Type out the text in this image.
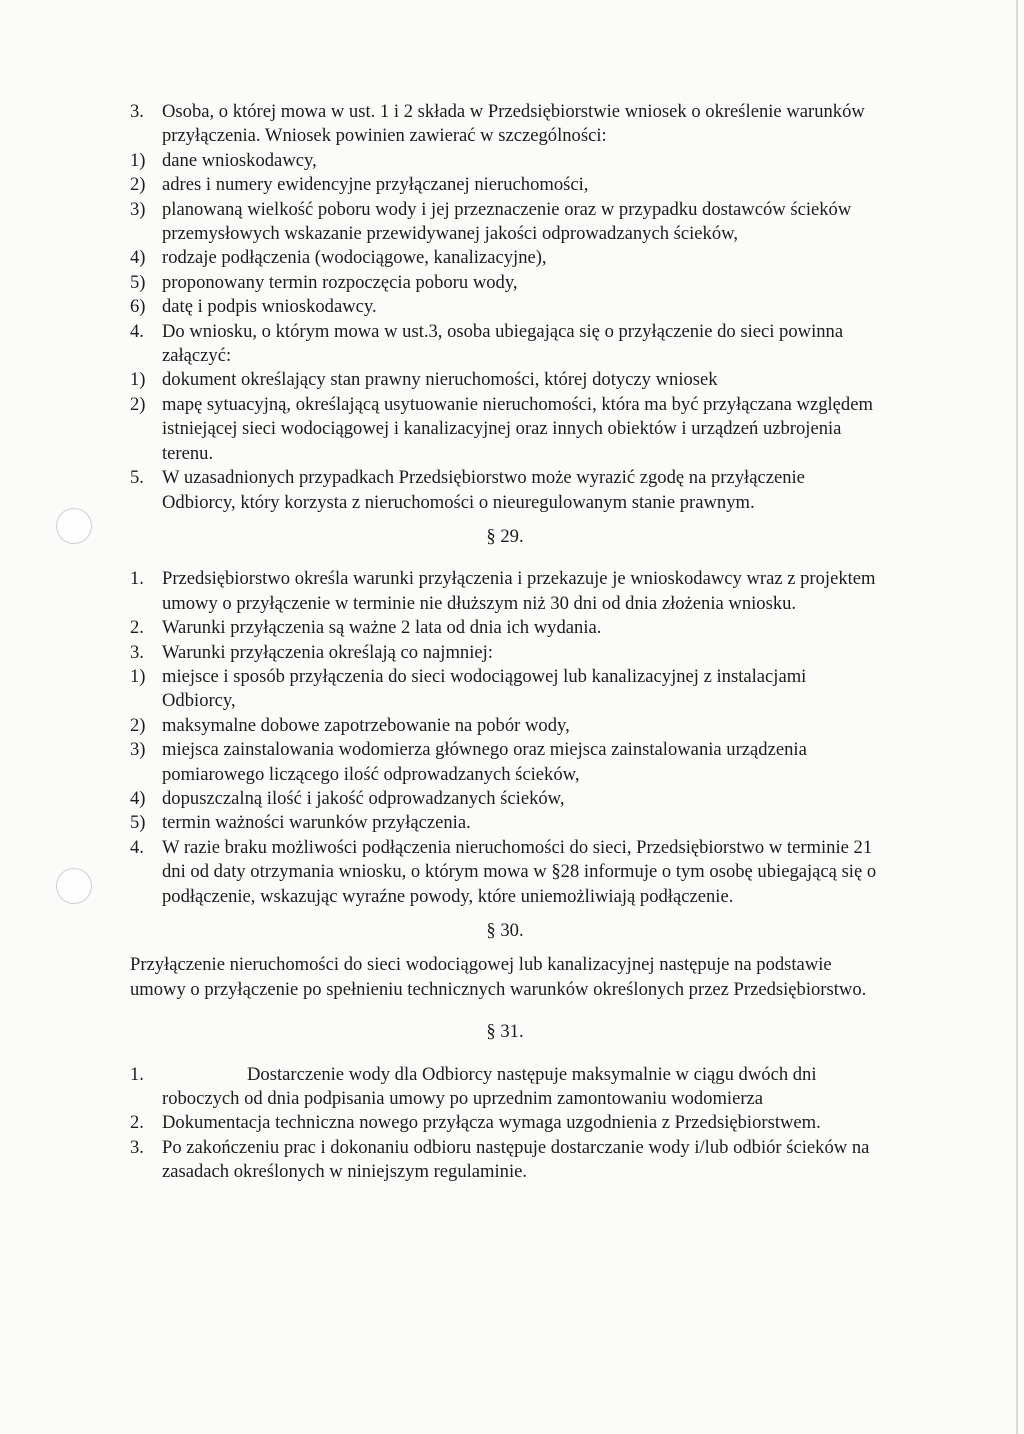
3. Osoba, o której mowa w ust. 1 i 2 składa w Przedsiębiorstwie wniosek o określenie warunków przyłączenia. Wniosek powinien zawierać w szczególności:
1) dane wnioskodawcy,
2) adres i numery ewidencyjne przyłączanej nieruchomości,
3) planowaną wielkość poboru wody i jej przeznaczenie oraz w przypadku dostawców ścieków przemysłowych wskazanie przewidywanej jakości odprowadzanych ścieków,
4) rodzaje podłączenia (wodociągowe, kanalizacyjne),
5) proponowany termin rozpoczęcia poboru wody,
6) datę i podpis wnioskodawcy.
4. Do wniosku, o którym mowa w ust.3, osoba ubiegająca się o przyłączenie do sieci powinna załączyć:
1) dokument określający stan prawny nieruchomości, której dotyczy wniosek
2) mapę sytuacyjną, określającą usytuowanie nieruchomości, która ma być przyłączana względem istniejącej sieci wodociągowej i kanalizacyjnej oraz innych obiektów i urządzeń uzbrojenia terenu.
5. W uzasadnionych przypadkach Przedsiębiorstwo może wyrazić zgodę na przyłączenie Odbiorcy, który korzysta z nieruchomości o nieuregulowanym stanie prawnym.
§ 29.
1. Przedsiębiorstwo określa warunki przyłączenia i przekazuje je wnioskodawcy wraz z projektem umowy o przyłączenie w terminie nie dłuższym niż 30 dni od dnia złożenia wniosku.
2. Warunki przyłączenia są ważne 2 lata od dnia ich wydania.
3. Warunki przyłączenia określają co najmniej:
1) miejsce i sposób przyłączenia do sieci wodociągowej lub kanalizacyjnej z instalacjami Odbiorcy,
2) maksymalne dobowe zapotrzebowanie na pobór wody,
3) miejsca zainstalowania wodomierza głównego oraz miejsca zainstalowania urządzenia pomiarowego liczącego ilość odprowadzanych ścieków,
4) dopuszczalną ilość i jakość odprowadzanych ścieków,
5) termin ważności warunków przyłączenia.
4. W razie braku możliwości podłączenia nieruchomości do sieci, Przedsiębiorstwo w terminie 21 dni od daty otrzymania wniosku, o którym mowa w §28 informuje o tym osobę ubiegającą się o podłączenie, wskazując wyraźne powody, które uniemożliwiają podłączenie.
§ 30.
Przyłączenie nieruchomości do sieci wodociągowej lub kanalizacyjnej następuje na podstawie umowy o przyłączenie po spełnieniu technicznych warunków określonych przez Przedsiębiorstwo.
§ 31.
1.	Dostarczenie wody dla Odbiorcy następuje maksymalnie w ciągu dwóch dni roboczych od dnia podpisania umowy po uprzednim zamontowaniu wodomierza
2. Dokumentacja techniczna nowego przyłącza wymaga uzgodnienia z Przedsiębiorstwem.
3. Po zakończeniu prac i dokonaniu odbioru następuje dostarczanie wody i/lub odbiór ścieków na zasadach określonych w niniejszym regulaminie.
